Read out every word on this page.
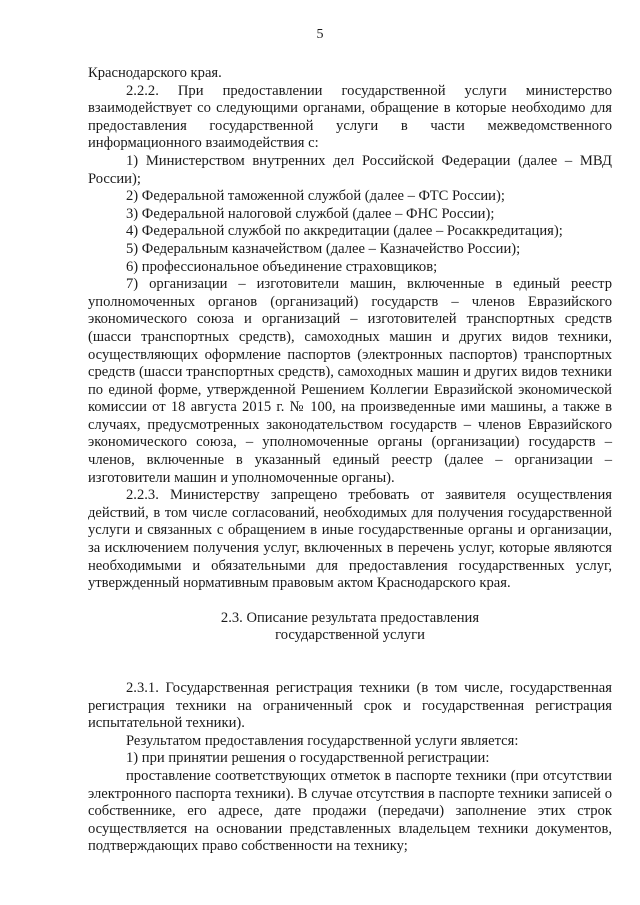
5

Краснодарского края.

2.2.2. При предоставлении государственной услуги министерство взаимодействует со следующими органами, обращение в которые необходимо для предоставления государственной услуги в части межведомственного информационного взаимодействия с:

1) Министерством внутренних дел Российской Федерации (далее – МВД России);

2) Федеральной таможенной службой (далее – ФТС России);

3) Федеральной налоговой службой (далее – ФНС России);

4) Федеральной службой по аккредитации (далее – Росаккредитация);

5) Федеральным казначейством (далее – Казначейство России);

6) профессиональное объединение страховщиков;

7) организации – изготовители машин, включенные в единый реестр уполномоченных органов (организаций) государств – членов Евразийского экономического союза и организаций – изготовителей транспортных средств (шасси транспортных средств), самоходных машин и других видов техники, осуществляющих оформление паспортов (электронных паспортов) транспортных средств (шасси транспортных средств), самоходных машин и других видов техники по единой форме, утвержденной Решением Коллегии Евразийской экономической комиссии от 18 августа 2015 г. № 100, на произведенные ими машины, а также в случаях, предусмотренных законодательством государств – членов Евразийского экономического союза, – уполномоченные органы (организации) государств – членов, включенные в указанный единый реестр (далее – организации – изготовители машин и уполномоченные органы).

2.2.3. Министерству запрещено требовать от заявителя осуществления действий, в том числе согласований, необходимых для получения государственной услуги и связанных с обращением в иные государственные органы и организации, за исключением получения услуг, включенных в перечень услуг, которые являются необходимыми и обязательными для предоставления государственных услуг, утвержденный нормативным правовым актом Краснодарского края.

2.3. Описание результата предоставления

государственной услуги

2.3.1. Государственная регистрация техники (в том числе, государственная регистрация техники на ограниченный срок и государственная регистрация испытательной техники).

Результатом предоставления государственной услуги является:

1) при принятии решения о государственной регистрации:

проставление соответствующих отметок в паспорте техники (при отсутствии электронного паспорта техники). В случае отсутствия в паспорте техники записей о собственнике, его адресе, дате продажи (передачи) заполнение этих строк осуществляется на основании представленных владельцем техники документов, подтверждающих право собственности на технику;
